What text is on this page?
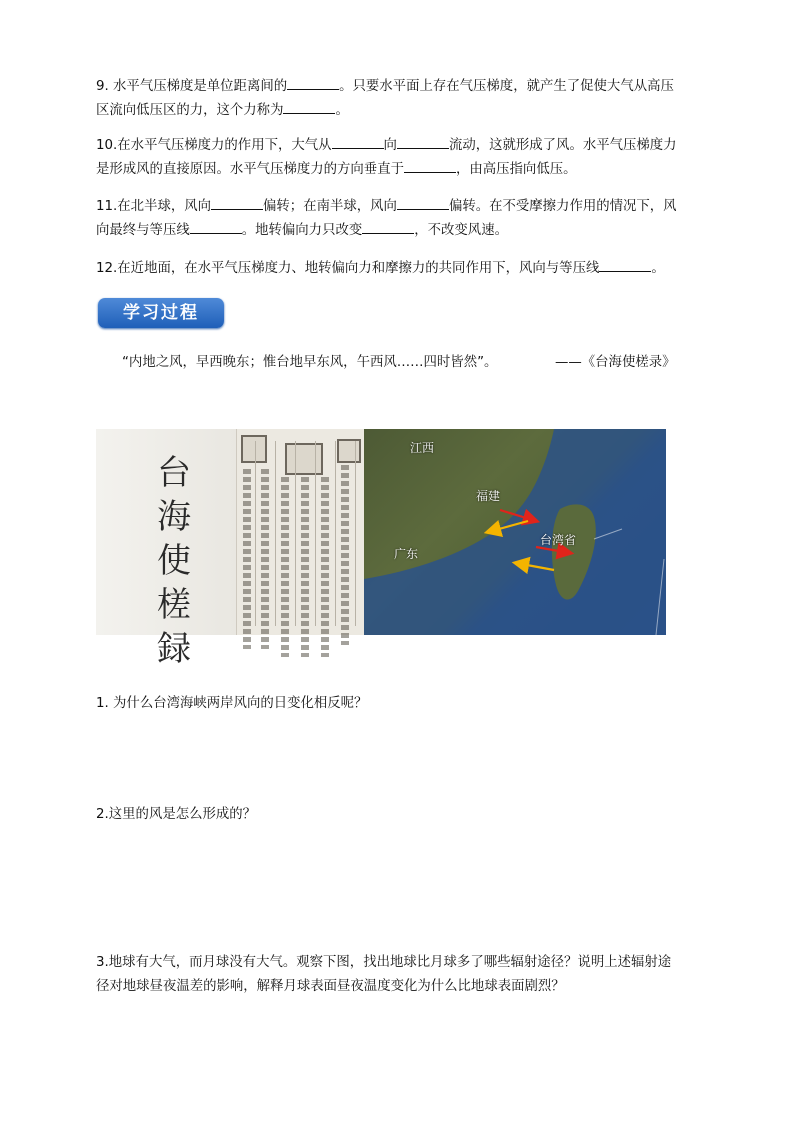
9. 水平气压梯度是单位距离间的	。只要水平面上存在气压梯度，就产生了促使大气从高压
区流向低压区的力，这个力称为	。
10.在水平气压梯度力的作用下，大气从	向	流动，这就形成了风。水平气压梯度力
是形成风的直接原因。水平气压梯度力的方向垂直于	，由高压指向低压。
11.在北半球，风向	偏转；在南半球，风向	偏转。在不受摩擦力作用的情况下，风
向最终与等压线	。地转偏向力只改变	，不改变风速。
12.在近地面，在水平气压梯度力、地转偏向力和摩擦力的共同作用下，风向与等压线	。
学习过程
“内地之风，早西晚东；惟台地早东风，午西风……四时皆然”。	——《台海使槎录》
台
海
使
槎
録
江西
福建
广东
台湾省
1. 为什么台湾海峡两岸风向的日变化相反呢？
2.这里的风是怎么形成的？
3.地球有大气，而月球没有大气。观察下图，找出地球比月球多了哪些辐射途径？说明上述辐射途
径对地球昼夜温差的影响，解释月球表面昼夜温度变化为什么比地球表面剧烈？
